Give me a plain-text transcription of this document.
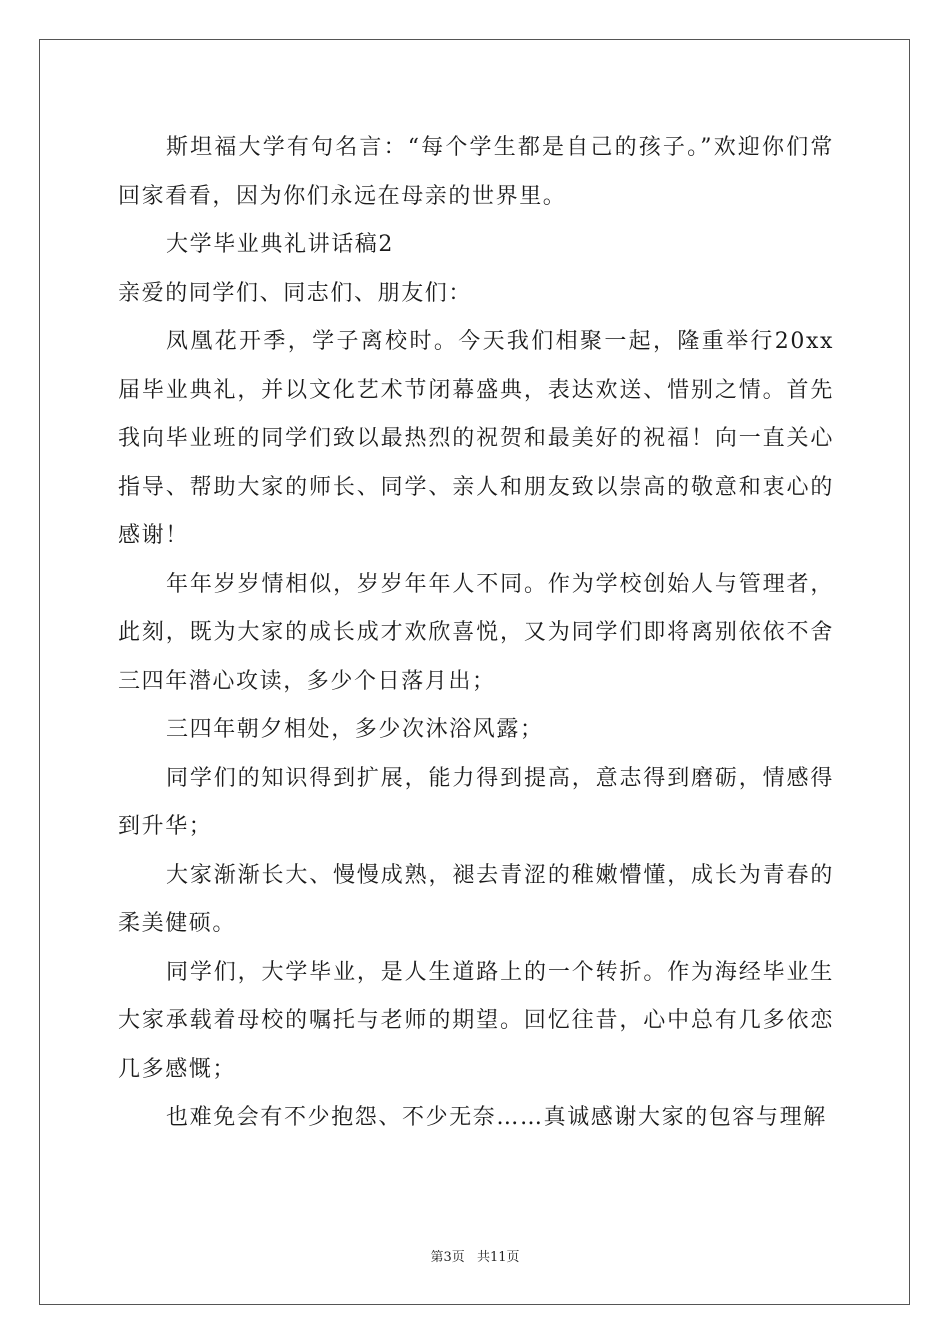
斯坦福大学有句名言：“每个学生都是自己的孩子。”欢迎你们常回家看看，因为你们永远在母亲的世界里。

大学毕业典礼讲话稿2

亲爱的同学们、同志们、朋友们：

凤凰花开季，学子离校时。今天我们相聚一起，隆重举行20xx届毕业典礼，并以文化艺术节闭幕盛典，表达欢送、惜别之情。首先我向毕业班的同学们致以最热烈的祝贺和最美好的祝福！向一直关心指导、帮助大家的师长、同学、亲人和朋友致以崇高的敬意和衷心的感谢！

年年岁岁情相似，岁岁年年人不同。作为学校创始人与管理者，此刻，既为大家的成长成才欢欣喜悦，又为同学们即将离别依依不舍三四年潜心攻读，多少个日落月出；

三四年朝夕相处，多少次沐浴风露；

同学们的知识得到扩展，能力得到提高，意志得到磨砺，情感得到升华；

大家渐渐长大、慢慢成熟，褪去青涩的稚嫩懵懂，成长为青春的柔美健硕。

同学们，大学毕业，是人生道路上的一个转折。作为海经毕业生大家承载着母校的嘱托与老师的期望。回忆往昔，心中总有几多依恋几多感慨；

也难免会有不少抱怨、不少无奈……真诚感谢大家的包容与理解

第3页 共11页
